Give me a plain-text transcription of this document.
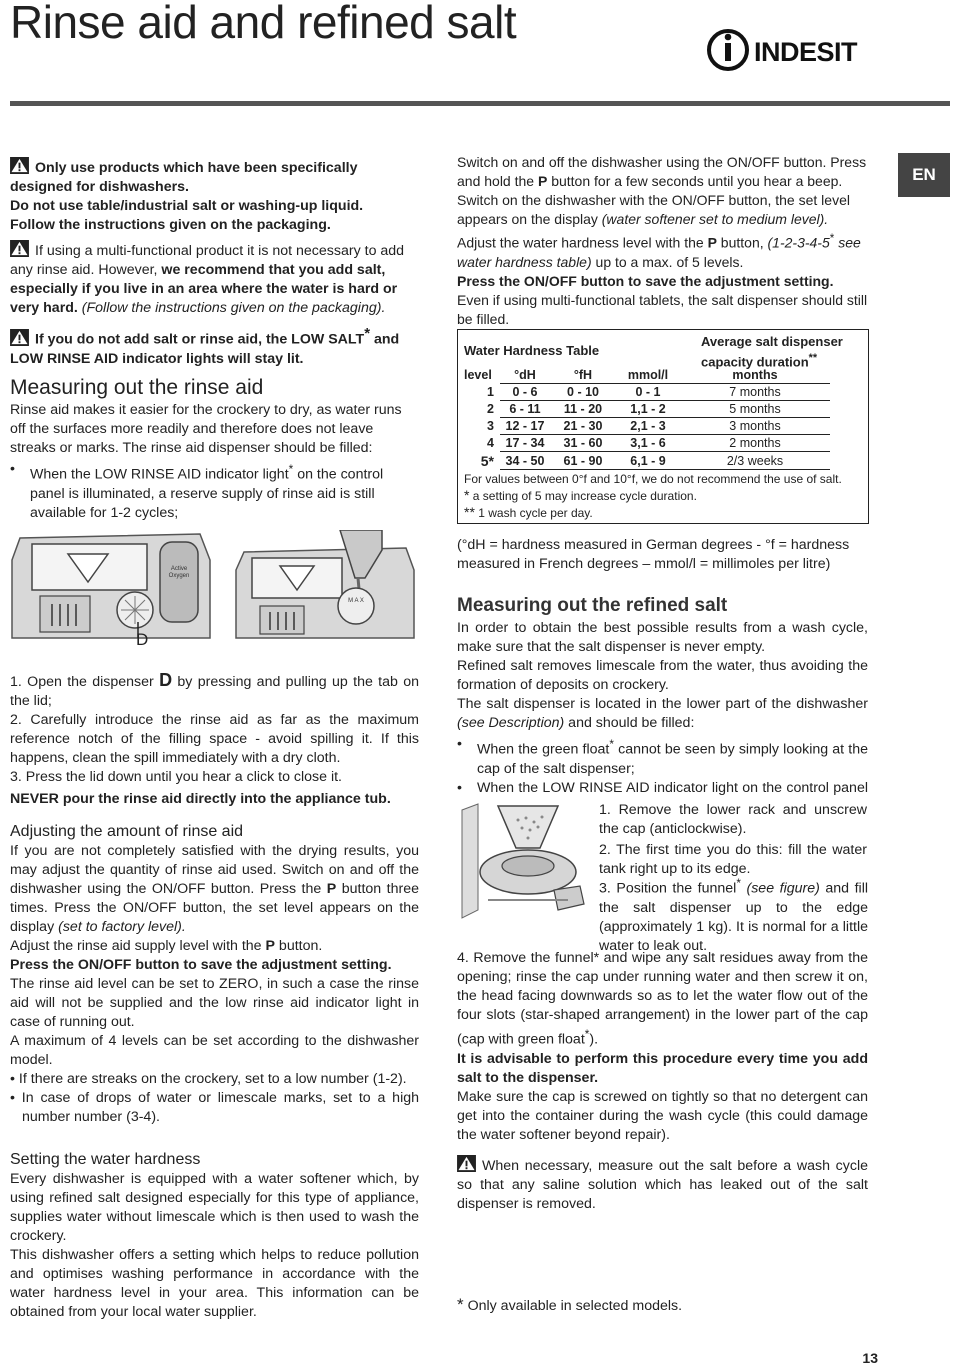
Rinse aid and refined salt
INDESIT
EN

Only use products which have been specifically designed for dishwashers.

Do not use table/industrial salt or washing-up liquid.

Follow the instructions given on the packaging.

If using a multi-functional product it is not necessary to add any rinse aid. However, we recommend that you add salt, especially if you live in an area where the water is hard or very hard. (Follow the instructions given on the packaging).

If you do not add salt or rinse aid, the LOW SALT* and LOW RINSE AID indicator lights will stay lit.

Measuring out the rinse aid

Rinse aid makes it easier for the crockery to dry, as water runs off the surfaces more readily and therefore does not leave streaks or marks. The rinse aid dispenser should be filled:

• When the LOW RINSE AID indicator light* on the control panel is illuminated, a reserve supply of rinse aid is still available for 1-2 cycles;
Active
Oxygen
M A X
D

1. Open the dispenser D by pressing and pulling up the tab on the lid;

2. Carefully introduce the rinse aid as far as the maximum reference notch of the filling space - avoid spilling it. If this happens, clean the spill immediately with a dry cloth.

3. Press the lid down until you hear a click to close it.

NEVER pour the rinse aid directly into the appliance tub.

Adjusting the amount of rinse aid

If you are not completely satisfied with the drying results, you may adjust the quantity of rinse aid used. Switch on and off the dishwasher using the ON/OFF button. Press the P button three times. Press the ON/OFF button, the set level appears on the display (set to factory level).

Adjust the rinse aid supply level with the P button.

Press the ON/OFF button to save the adjustment setting.

The rinse aid level can be set to ZERO, in such a case the rinse aid will not be supplied and the low rinse aid indicator light in case of running out.

A maximum of 4 levels can be set according to the dishwasher model.

• If there are streaks on the crockery, set to a low number (1-2).

• In case of drops of water or limescale marks, set to a high number number (3-4).

Setting the water hardness

Every dishwasher is equipped with a water softener which, by using refined salt designed especially for this type of appliance, supplies water without limescale which is then used to wash the crockery.

This dishwasher offers a setting which helps to reduce pollution and optimises washing performance in accordance with the water hardness level in your area. This information can be obtained from your local water supplier.

Switch on and off the dishwasher using the ON/OFF button. Press and hold the P button for a few seconds until you hear a beep.

Switch on the dishwasher with the ON/OFF button, the set level appears on the display (water softener set to medium level).

Adjust the water hardness level with the P button, (1-2-3-4-5* see water hardness table) up to a max. of 5 levels.

Press the ON/OFF button to save the adjustment setting.

Even if using multi-functional tablets, the salt dispenser should still be filled.

Water Hardness Table
Average salt dispenser
capacity duration**
level	°dH	°fH	mmol/l	months
1	0 - 6	0 - 10	0 - 1	7 months
2	6 - 11	11 - 20	1,1 - 2	5 months
3	12 - 17	21 - 30	2,1 - 3	3 months
4	17 - 34	31 - 60	3,1 - 6	2 months
5*	34 - 50	61 - 90	6,1 - 9	2/3 weeks
For values between 0°f and 10°f, we do not recommend the use of salt.
* a setting of 5 may increase cycle duration.
** 1 wash cycle per day.
(°dH = hardness measured in German degrees - °f = hardness measured in French degrees – mmol/l = millimoles per litre)
Measuring out the refined salt

In order to obtain the best possible results from a wash cycle, make sure that the salt dispenser is never empty.

Refined salt removes limescale from the water, thus avoiding the formation of deposits on crockery.

The salt dispenser is located in the lower part of the dishwasher (see Description) and should be filled:

• When the green float* cannot be seen by simply looking at the cap of the salt dispenser;
• When the LOW RINSE AID indicator light on the control panel

1. Remove the lower rack and unscrew the cap (anticlockwise).

2. The first time you do this: fill the water tank right up to its edge.

3. Position the funnel* (see figure) and fill the salt dispenser up to the edge (approximately 1 kg). It is normal for a little water to leak out.

4. Remove the funnel* and wipe any salt residues away from the opening; rinse the cap under running water and then screw it on, the head facing downwards so as to let the water flow out of the four slots (star-shaped arrangement) in the lower part of the cap (cap with green float*).

It is advisable to perform this procedure every time you add salt to the dispenser.

Make sure the cap is screwed on tightly so that no detergent can get into the container during the wash cycle (this could damage the water softener beyond repair).

When necessary, measure out the salt before a wash cycle so that any saline solution which has leaked out of the salt dispenser is removed.

* Only available in selected models.
13
